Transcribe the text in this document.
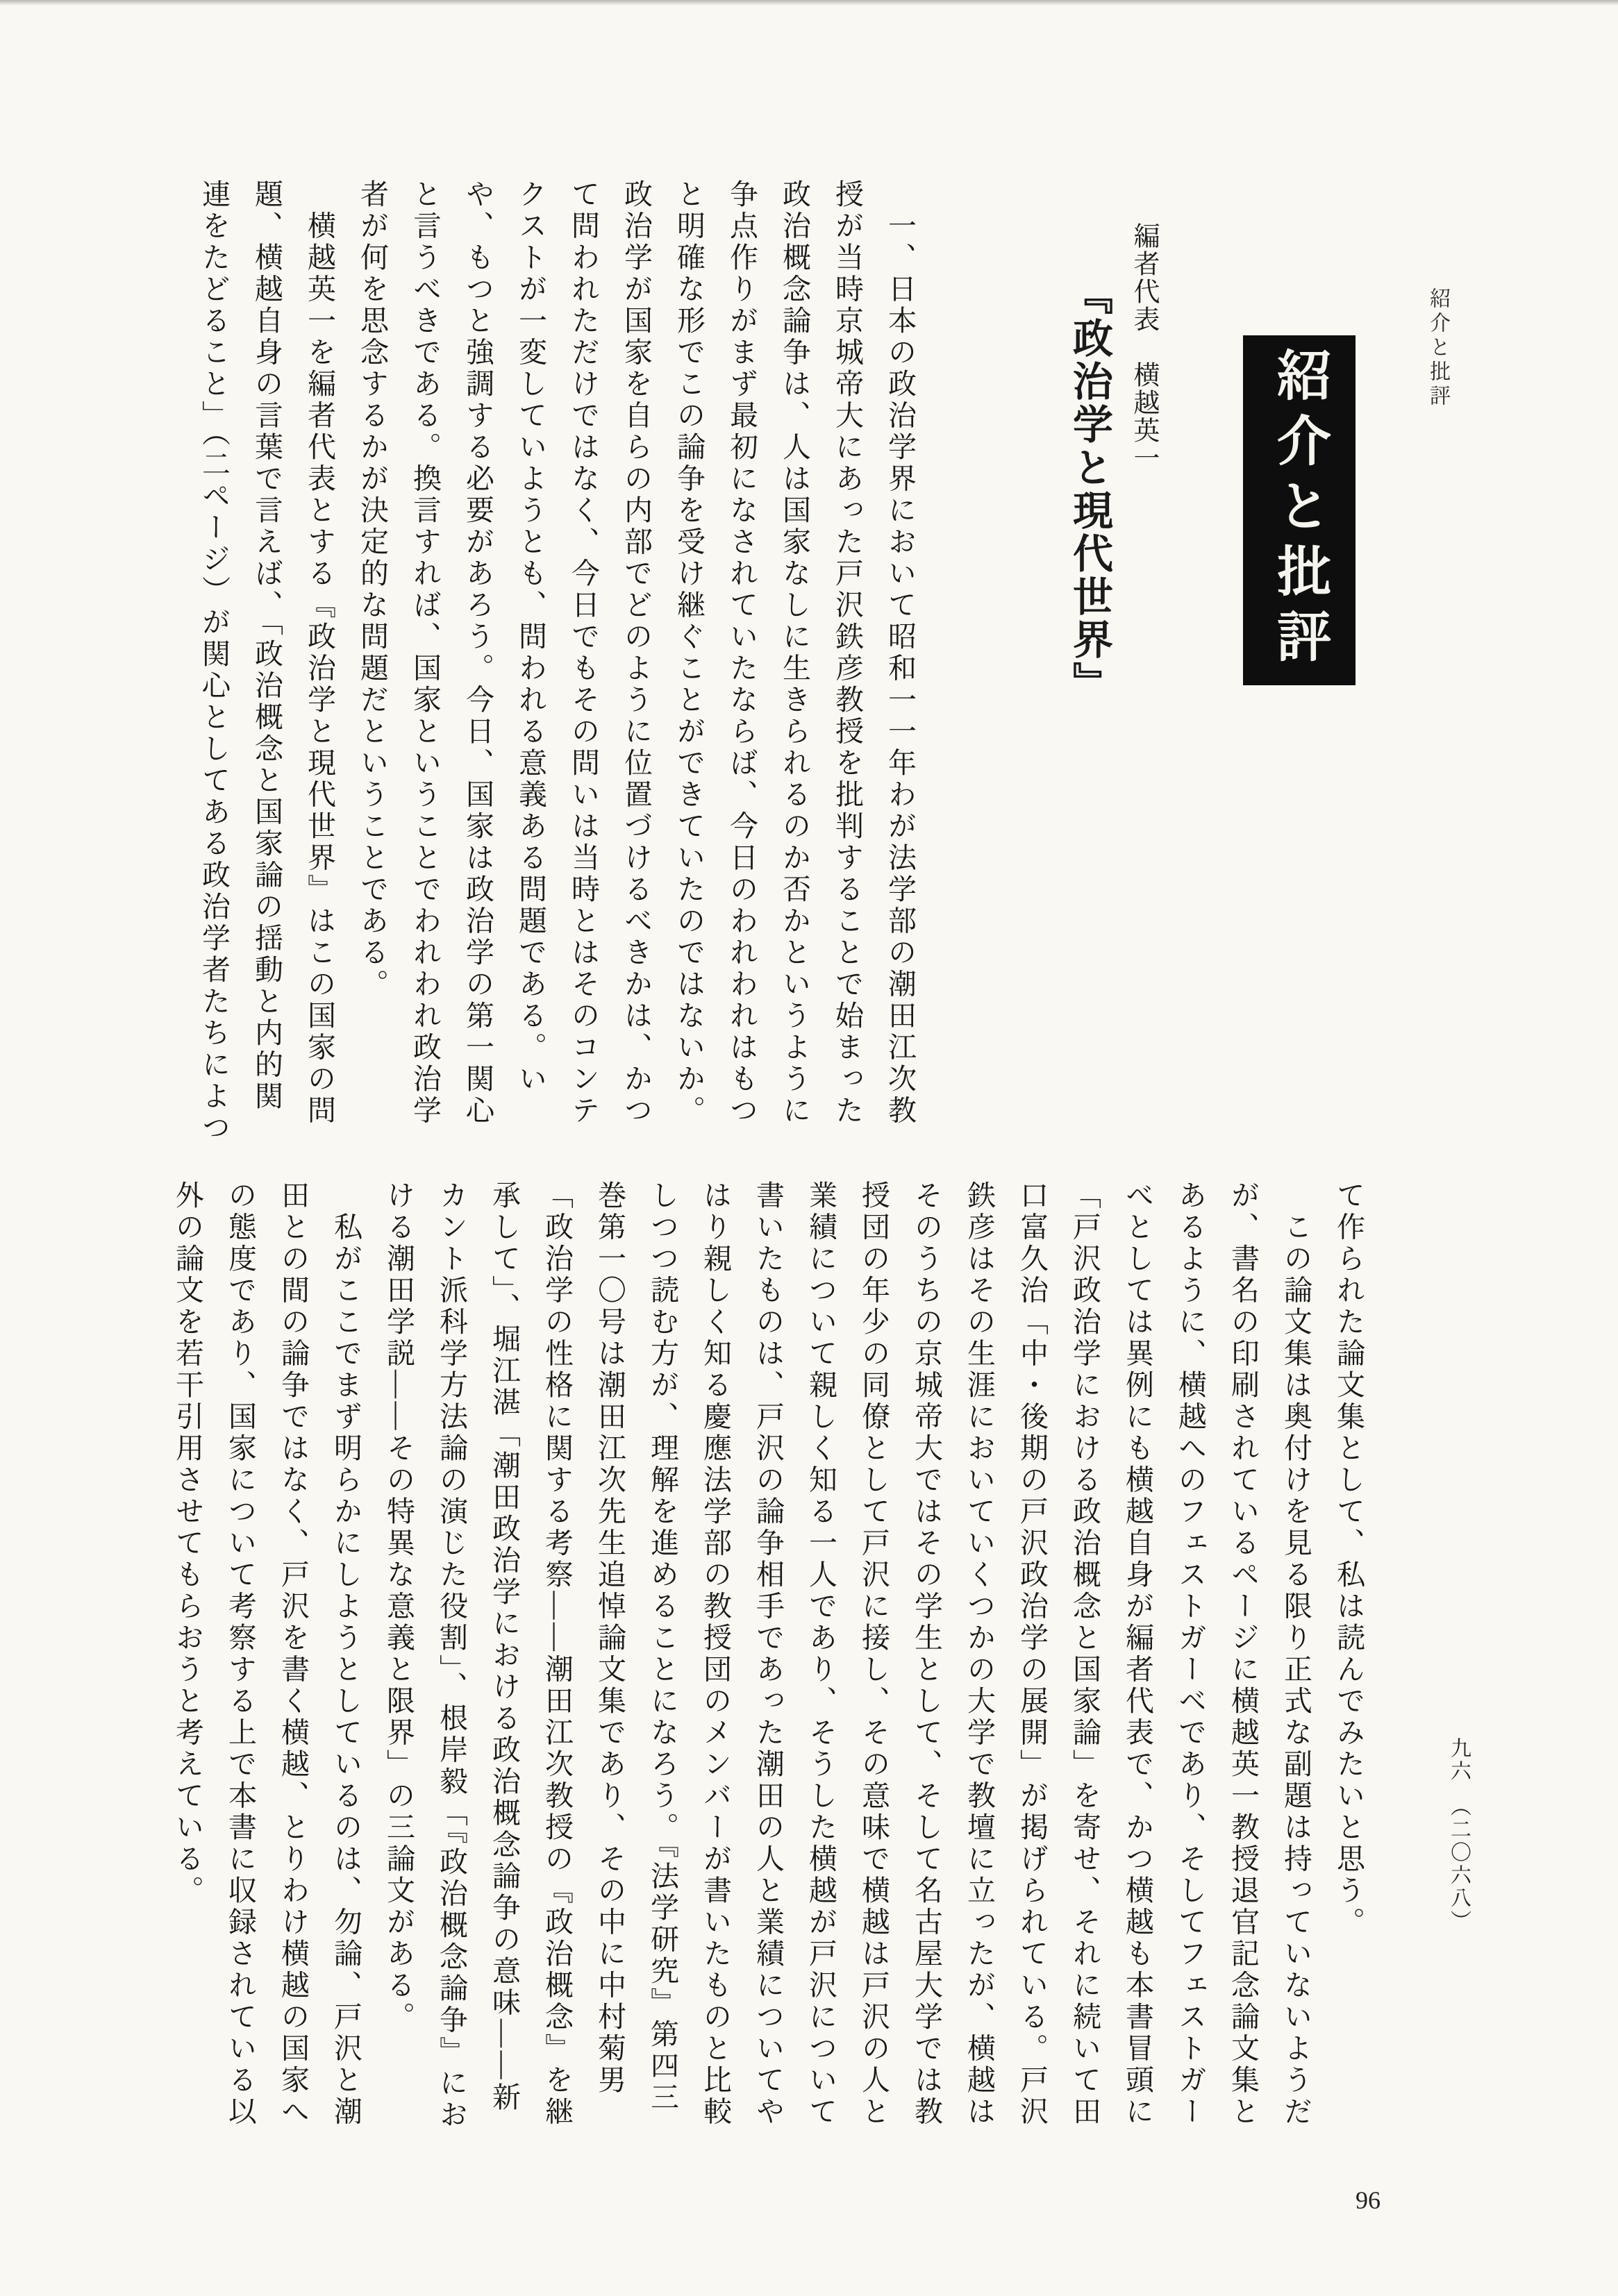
紹介と批評
紹介と批評
編者代表　横越英一
『政治学と現代世界』

　一、日本の政治学界において昭和一一年わが法学部の潮田江次教

授が当時京城帝大にあった戸沢鉄彦教授を批判することで始まった

政治概念論争は、人は国家なしに生きられるのか否かというように

争点作りがまず最初になされていたならば、今日のわれわれはもつ

と明確な形でこの論争を受け継ぐことができていたのではないか。

政治学が国家を自らの内部でどのように位置づけるべきかは、かつ

て問われただけではなく、今日でもその問いは当時とはそのコンテ

クストが一変していようとも、問われる意義ある問題である。い

や、もつと強調する必要があろう。今日、国家は政治学の第一関心

と言うべきである。換言すれば、国家ということでわれわれ政治学

者が何を思念するかが決定的な問題だということである。

　横越英一を編者代表とする『政治学と現代世界』はこの国家の問

題、横越自身の言葉で言えば、「政治概念と国家論の揺動と内的関

連をたどること」（二ページ）が関心としてある政治学者たちによつ

て作られた論文集として、私は読んでみたいと思う。

　この論文集は奥付けを見る限り正式な副題は持っていないようだ

が、書名の印刷されているページに横越英一教授退官記念論文集と

あるように、横越へのフェストガーベであり、そしてフェストガー

べとしては異例にも横越自身が編者代表で、かつ横越も本書冒頭に

「戸沢政治学における政治概念と国家論」を寄せ、それに続いて田

口富久治「中・後期の戸沢政治学の展開」が掲げられている。戸沢

鉄彦はその生涯においていくつかの大学で教壇に立ったが、横越は

そのうちの京城帝大ではその学生として、そして名古屋大学では教

授団の年少の同僚として戸沢に接し、その意味で横越は戸沢の人と

業績について親しく知る一人であり、そうした横越が戸沢について

書いたものは、戸沢の論争相手であった潮田の人と業績についてや

はり親しく知る慶應法学部の教授団のメンバーが書いたものと比較

しつつ読む方が、理解を進めることになろう。『法学研究』第四三

巻第一〇号は潮田江次先生追悼論文集であり、その中に中村菊男

「政治学の性格に関する考察――潮田江次教授の『政治概念』を継

承して」、堀江湛「潮田政治学における政治概念論争の意味――新

カント派科学方法論の演じた役割」、根岸毅「『政治概念論争』にお

ける潮田学説――その特異な意義と限界」の三論文がある。

　私がここでまず明らかにしようとしているのは、勿論、戸沢と潮

田との間の論争ではなく、戸沢を書く横越、とりわけ横越の国家へ

の態度であり、国家について考察する上で本書に収録されている以

外の論文を若干引用させてもらおうと考えている。	九六　（二〇六八）
96
